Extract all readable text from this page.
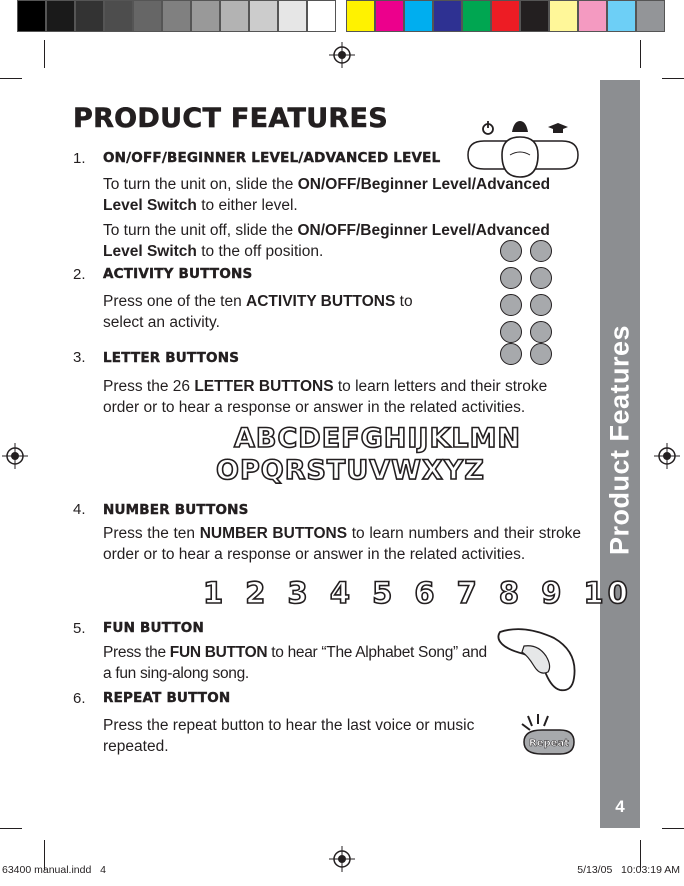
Product Features
4
PRODUCT FEATURES
1. ON/OFF/BEGINNER LEVEL/ADVANCED LEVEL
To turn the unit on, slide the ON/OFF/Beginner Level/Advanced Level Switch to either level.
To turn the unit off, slide the ON/OFF/Beginner Level/Advanced Level Switch to the off position.
2. ACTIVITY BUTTONS
Press one of the ten ACTIVITY BUTTONS to select an activity.
3. LETTER BUTTONS
Press the 26 LETTER BUTTONS to learn letters and their stroke order or to hear a response or answer in the related activities.
ABCDEFGHIJKLMN
OPQRSTUVWXYZ
4. NUMBER BUTTONS
Press the ten NUMBER BUTTONS to learn numbers and their stroke order or to hear a response or answer in the related activities.
1 2 3 4 5 6 7 8 9 10
5. FUN BUTTON
Press the FUN BUTTON to hear “The Alphabet Song” and a fun sing-along song.
6. REPEAT BUTTON
Press the repeat button to hear the last voice or music repeated.	Repeat
63400 manual.indd   4	5/13/05   10:03:19 AM
